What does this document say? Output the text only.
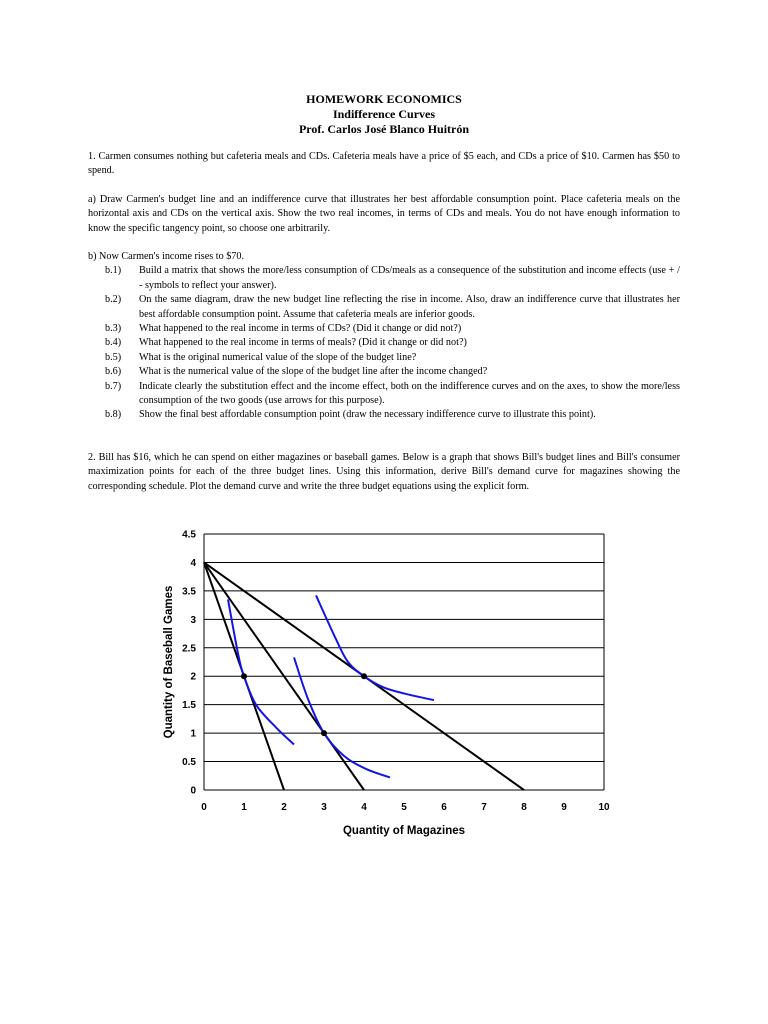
HOMEWORK ECONOMICS
Indifference Curves
Prof. Carlos José Blanco Huitrón
1. Carmen consumes nothing but cafeteria meals and CDs. Cafeteria meals have a price of $5 each, and CDs a price of $10. Carmen has $50 to spend.
a) Draw Carmen's budget line and an indifference curve that illustrates her best affordable consumption point. Place cafeteria meals on the horizontal axis and CDs on the vertical axis. Show the two real incomes, in terms of CDs and meals. You do not have enough information to know the specific tangency point, so choose one arbitrarily.
b) Now Carmen's income rises to $70.
b.1) Build a matrix that shows the more/less consumption of CDs/meals as a consequence of the substitution and income effects (use + / - symbols to reflect your answer).
b.2) On the same diagram, draw the new budget line reflecting the rise in income. Also, draw an indifference curve that illustrates her best affordable consumption point. Assume that cafeteria meals are inferior goods.
b.3) What happened to the real income in terms of CDs? (Did it change or did not?)
b.4) What happened to the real income in terms of meals? (Did it change or did not?)
b.5) What is the original numerical value of the slope of the budget line?
b.6) What is the numerical value of the slope of the budget line after the income changed?
b.7) Indicate clearly the substitution effect and the income effect, both on the indifference curves and on the axes, to show the more/less consumption of the two goods (use arrows for this purpose).
b.8) Show the final best affordable consumption point (draw the necessary indifference curve to illustrate this point).
2. Bill has $16, which he can spend on either magazines or baseball games. Below is a graph that shows Bill's budget lines and Bill's consumer maximization points for each of the three budget lines. Using this information, derive Bill's demand curve for magazines showing the corresponding schedule. Plot the demand curve and write the three budget equations using the explicit form.
0
0.5
1
1.5
2
2.5
3
3.5
4
4.5
0	1	2	3	4	5	6	7	8	9	10
Quantity of Magazines
Quantity of Baseball Games
